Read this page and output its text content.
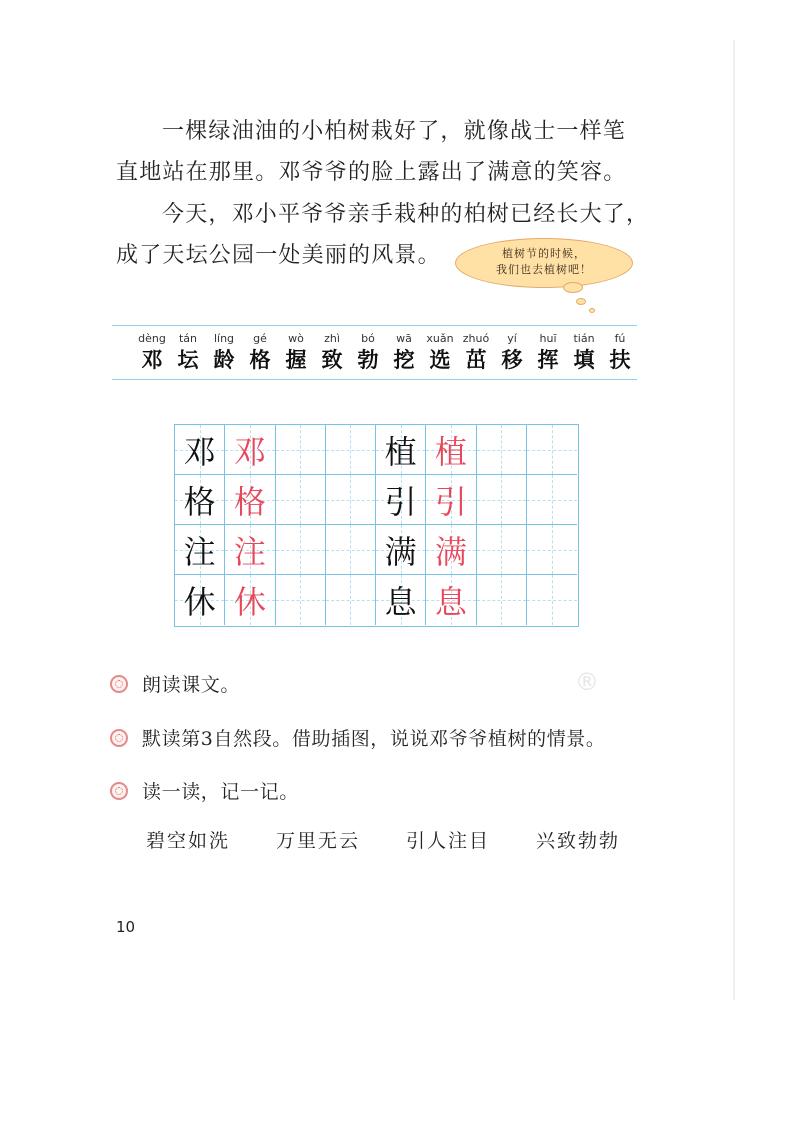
一棵绿油油的小柏树栽好了，就像战士一样笔
直地站在那里。邓爷爷的脸上露出了满意的笑容。
今天，邓小平爷爷亲手栽种的柏树已经长大了，
成了天坛公园一处美丽的风景。	植树节的时候，
我们也去植树吧！
dèng
邓
tán
坛
líng
龄
gé
格
wò
握
zhì
致
bó
勃
wā
挖
xuǎn
选
zhuó
茁
yí
移
huī
挥
tián
填
fú
扶
邓 邓	植 植
格 格	引 引
注 注	满 满
休 休	息 息
朗读课文。
默读第3自然段。借助插图，说说邓爷爷植树的情景。
读一读，记一记。
碧空如洗 万里无云 引人注目 兴致勃勃
®
10
